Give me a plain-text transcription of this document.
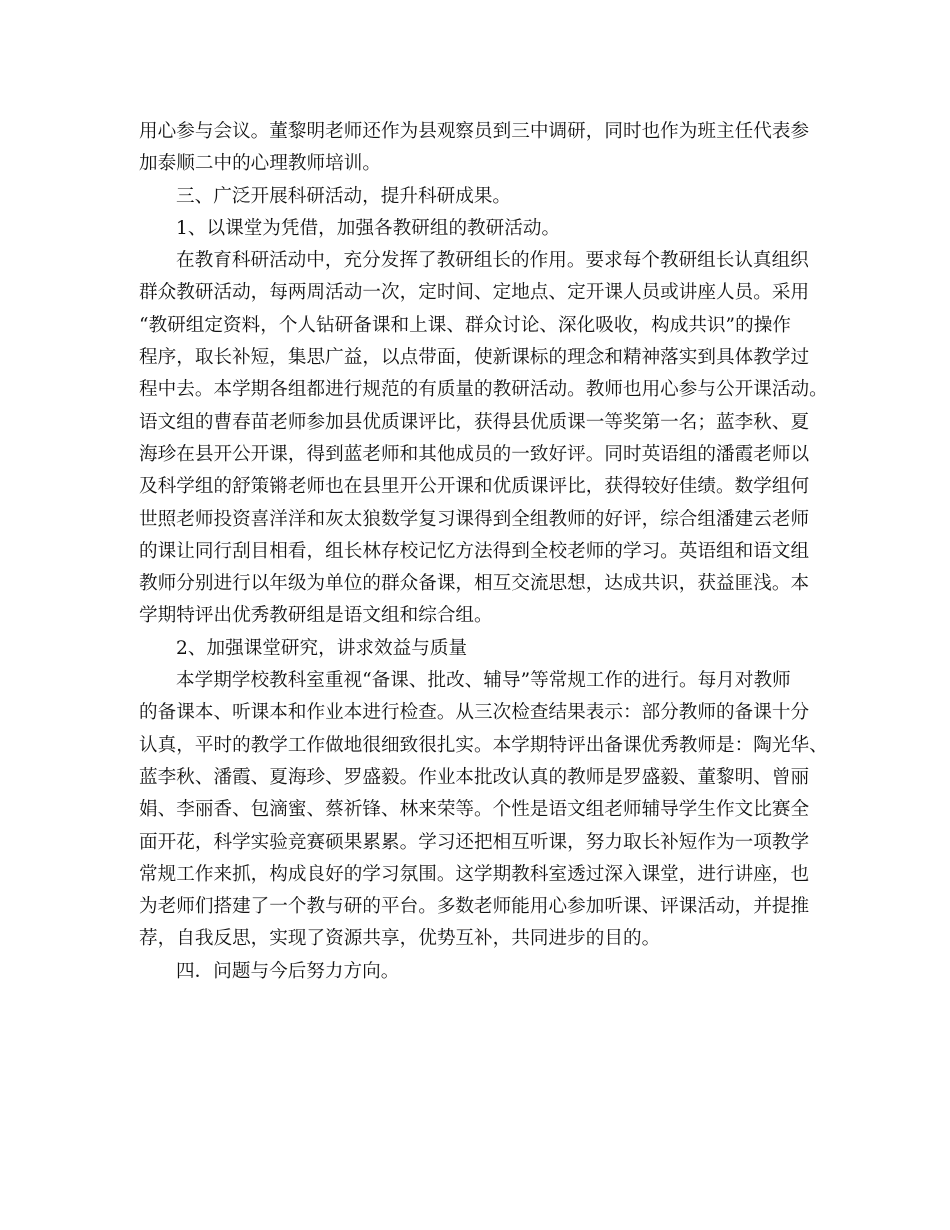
用心参与会议。董黎明老师还作为县观察员到三中调研，同时也作为班主任代表参
加泰顺二中的心理教师培训。

三、广泛开展科研活动，提升科研成果。

1、以课堂为凭借，加强各教研组的教研活动。

在教育科研活动中，充分发挥了教研组长的作用。要求每个教研组长认真组织
群众教研活动，每两周活动一次，定时间、定地点、定开课人员或讲座人员。采用
“教研组定资料，个人钻研备课和上课、群众讨论、深化吸收，构成共识”的操作
程序，取长补短，集思广益，以点带面，使新课标的理念和精神落实到具体教学过
程中去。本学期各组都进行规范的有质量的教研活动。教师也用心参与公开课活动。
语文组的曹春苗老师参加县优质课评比，获得县优质课一等奖第一名；蓝李秋、夏
海珍在县开公开课，得到蓝老师和其他成员的一致好评。同时英语组的潘霞老师以
及科学组的舒策锵老师也在县里开公开课和优质课评比，获得较好佳绩。数学组何
世照老师投资喜洋洋和灰太狼数学复习课得到全组教师的好评，综合组潘建云老师
的课让同行刮目相看，组长林存校记忆方法得到全校老师的学习。英语组和语文组
教师分别进行以年级为单位的群众备课，相互交流思想，达成共识，获益匪浅。本
学期特评出优秀教研组是语文组和综合组。

2、加强课堂研究，讲求效益与质量

本学期学校教科室重视“备课、批改、辅导”等常规工作的进行。每月对教师
的备课本、听课本和作业本进行检查。从三次检查结果表示：部分教师的备课十分
认真，平时的教学工作做地很细致很扎实。本学期特评出备课优秀教师是：陶光华、
蓝李秋、潘霞、夏海珍、罗盛毅。作业本批改认真的教师是罗盛毅、董黎明、曾丽
娟、李丽香、包滴蜜、蔡祈锋、林来荣等。个性是语文组老师辅导学生作文比赛全
面开花，科学实验竞赛硕果累累。学习还把相互听课，努力取长补短作为一项教学
常规工作来抓，构成良好的学习氛围。这学期教科室透过深入课堂，进行讲座，也
为老师们搭建了一个教与研的平台。多数老师能用心参加听课、评课活动，并提推
荐，自我反思，实现了资源共享，优势互补，共同进步的目的。

四．问题与今后努力方向。
